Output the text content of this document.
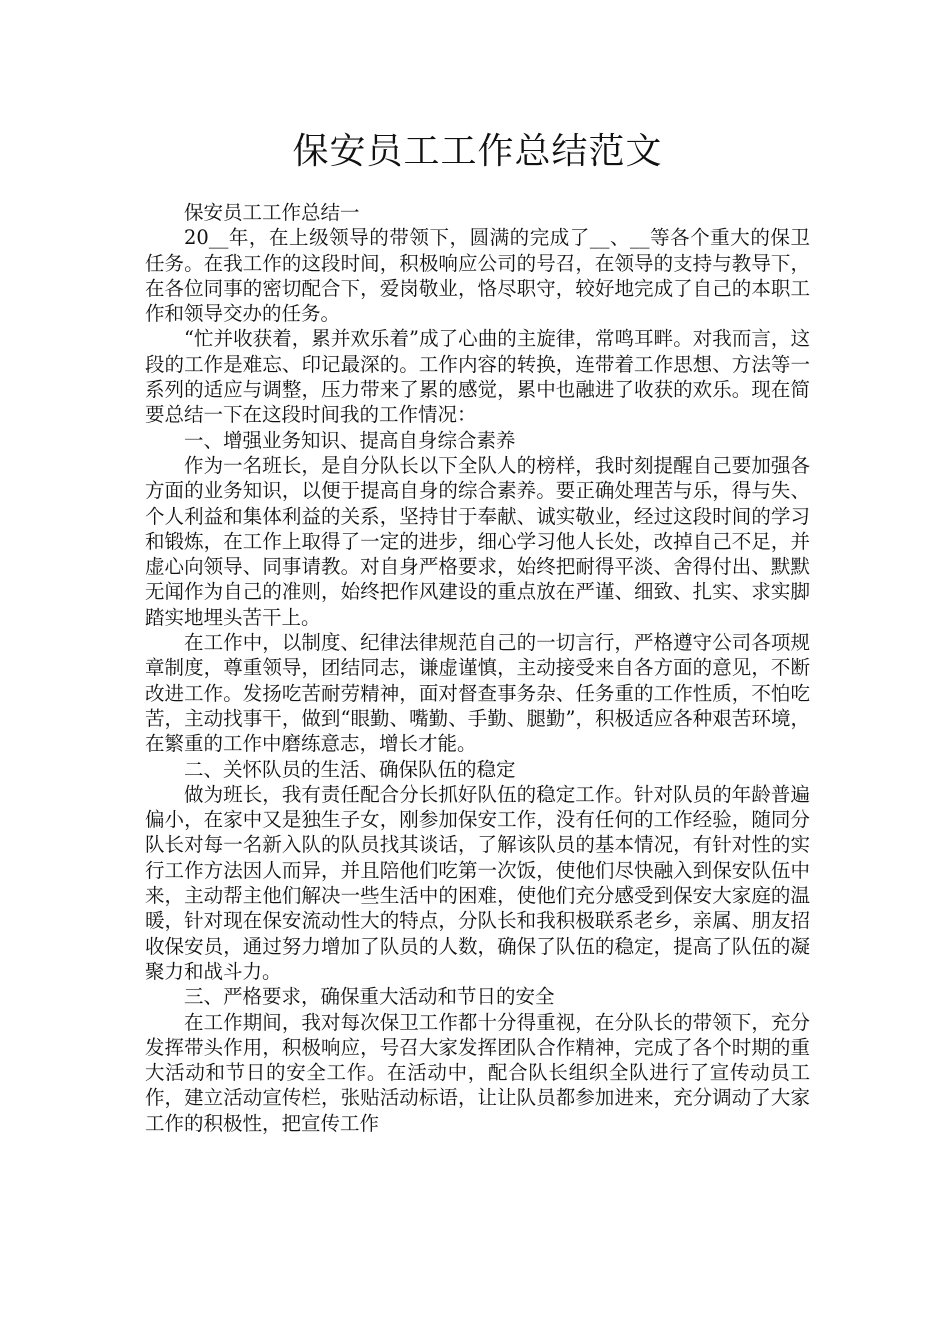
保安员工工作总结范文

保安员工工作总结一

20__年，在上级领导的带领下，圆满的完成了__、__等各个重大的保卫任务。在我工作的这段时间，积极响应公司的号召，在领导的支持与教导下，在各位同事的密切配合下，爱岗敬业，恪尽职守，较好地完成了自己的本职工作和领导交办的任务。

“忙并收获着，累并欢乐着”成了心曲的主旋律，常鸣耳畔。对我而言，这段的工作是难忘、印记最深的。工作内容的转换，连带着工作思想、方法等一系列的适应与调整，压力带来了累的感觉，累中也融进了收获的欢乐。现在简要总结一下在这段时间我的工作情况：

一、增强业务知识、提高自身综合素养

作为一名班长，是自分队长以下全队人的榜样，我时刻提醒自己要加强各方面的业务知识，以便于提高自身的综合素养。要正确处理苦与乐，得与失、个人利益和集体利益的关系，坚持甘于奉献、诚实敬业，经过这段时间的学习和锻炼，在工作上取得了一定的进步，细心学习他人长处，改掉自己不足，并虚心向领导、同事请教。对自身严格要求，始终把耐得平淡、舍得付出、默默无闻作为自己的准则，始终把作风建设的重点放在严谨、细致、扎实、求实脚踏实地埋头苦干上。

在工作中，以制度、纪律法律规范自己的一切言行，严格遵守公司各项规章制度，尊重领导，团结同志，谦虚谨慎，主动接受来自各方面的意见，不断改进工作。发扬吃苦耐劳精神，面对督查事务杂、任务重的工作性质，不怕吃苦，主动找事干，做到“眼勤、嘴勤、手勤、腿勤”，积极适应各种艰苦环境，在繁重的工作中磨练意志，增长才能。

二、关怀队员的生活、确保队伍的稳定

做为班长，我有责任配合分长抓好队伍的稳定工作。针对队员的年龄普遍偏小，在家中又是独生子女，刚参加保安工作，没有任何的工作经验，随同分队长对每一名新入队的队员找其谈话，了解该队员的基本情况，有针对性的实行工作方法因人而异，并且陪他们吃第一次饭，使他们尽快融入到保安队伍中来，主动帮主他们解决一些生活中的困难，使他们充分感受到保安大家庭的温暖，针对现在保安流动性大的特点，分队长和我积极联系老乡，亲属、朋友招收保安员，通过努力增加了队员的人数，确保了队伍的稳定，提高了队伍的凝聚力和战斗力。

三、严格要求，确保重大活动和节日的安全

在工作期间，我对每次保卫工作都十分得重视，在分队长的带领下，充分发挥带头作用，积极响应，号召大家发挥团队合作精神，完成了各个时期的重大活动和节日的安全工作。在活动中，配合队长组织全队进行了宣传动员工作，建立活动宣传栏，张贴活动标语，让让队员都参加进来，充分调动了大家工作的积极性，把宣传工作
